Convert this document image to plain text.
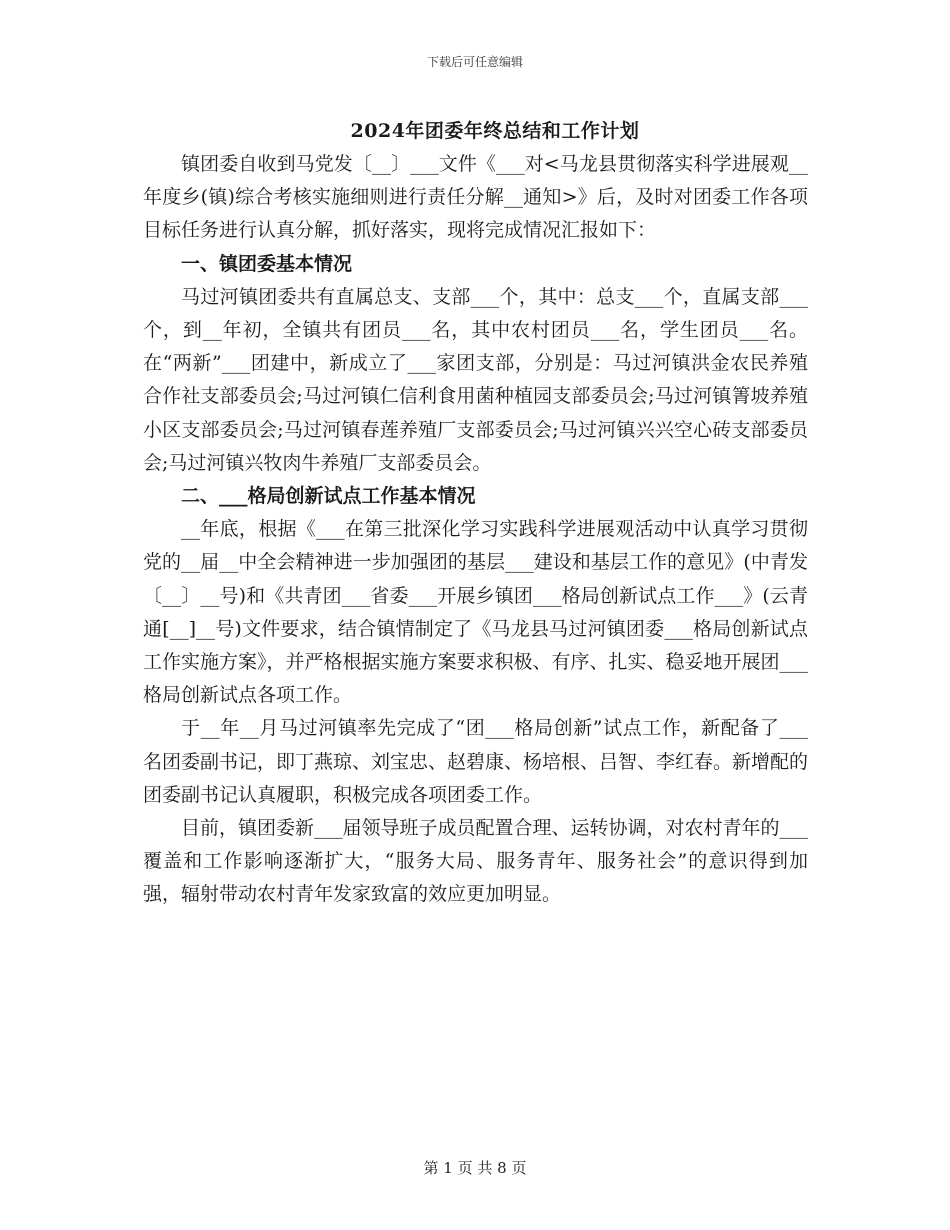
下载后可任意编辑
2024年团委年终总结和工作计划

镇团委自收到马党发〔__〕___文件《___对<马龙县贯彻落实科学进展观__年度乡(镇)综合考核实施细则进行责任分解__通知>》后，及时对团委工作各项目标任务进行认真分解，抓好落实，现将完成情况汇报如下：

一、镇团委基本情况

马过河镇团委共有直属总支、支部___个，其中：总支___个，直属支部___个，到__年初，全镇共有团员___名，其中农村团员___名，学生团员___名。在“两新”___团建中，新成立了___家团支部，分别是：马过河镇洪金农民养殖合作社支部委员会;马过河镇仁信利食用菌种植园支部委员会;马过河镇箐坡养殖小区支部委员会;马过河镇春莲养殖厂支部委员会;马过河镇兴兴空心砖支部委员会;马过河镇兴牧肉牛养殖厂支部委员会。

二、___格局创新试点工作基本情况

__年底，根据《___在第三批深化学习实践科学进展观活动中认真学习贯彻党的__届__中全会精神进一步加强团的基层___建设和基层工作的意见》(中青发〔__〕__号)和《共青团___省委___开展乡镇团___格局创新试点工作___》(云青通[__]__号)文件要求，结合镇情制定了《马龙县马过河镇团委___格局创新试点工作实施方案》，并严格根据实施方案要求积极、有序、扎实、稳妥地开展团___格局创新试点各项工作。

于__年__月马过河镇率先完成了“团___格局创新”试点工作，新配备了___名团委副书记，即丁燕琼、刘宝忠、赵碧康、杨培根、吕智、李红春。新增配的团委副书记认真履职，积极完成各项团委工作。

目前，镇团委新___届领导班子成员配置合理、运转协调，对农村青年的___覆盖和工作影响逐渐扩大，“服务大局、服务青年、服务社会”的意识得到加强，辐射带动农村青年发家致富的效应更加明显。

第 1 页 共 8 页
